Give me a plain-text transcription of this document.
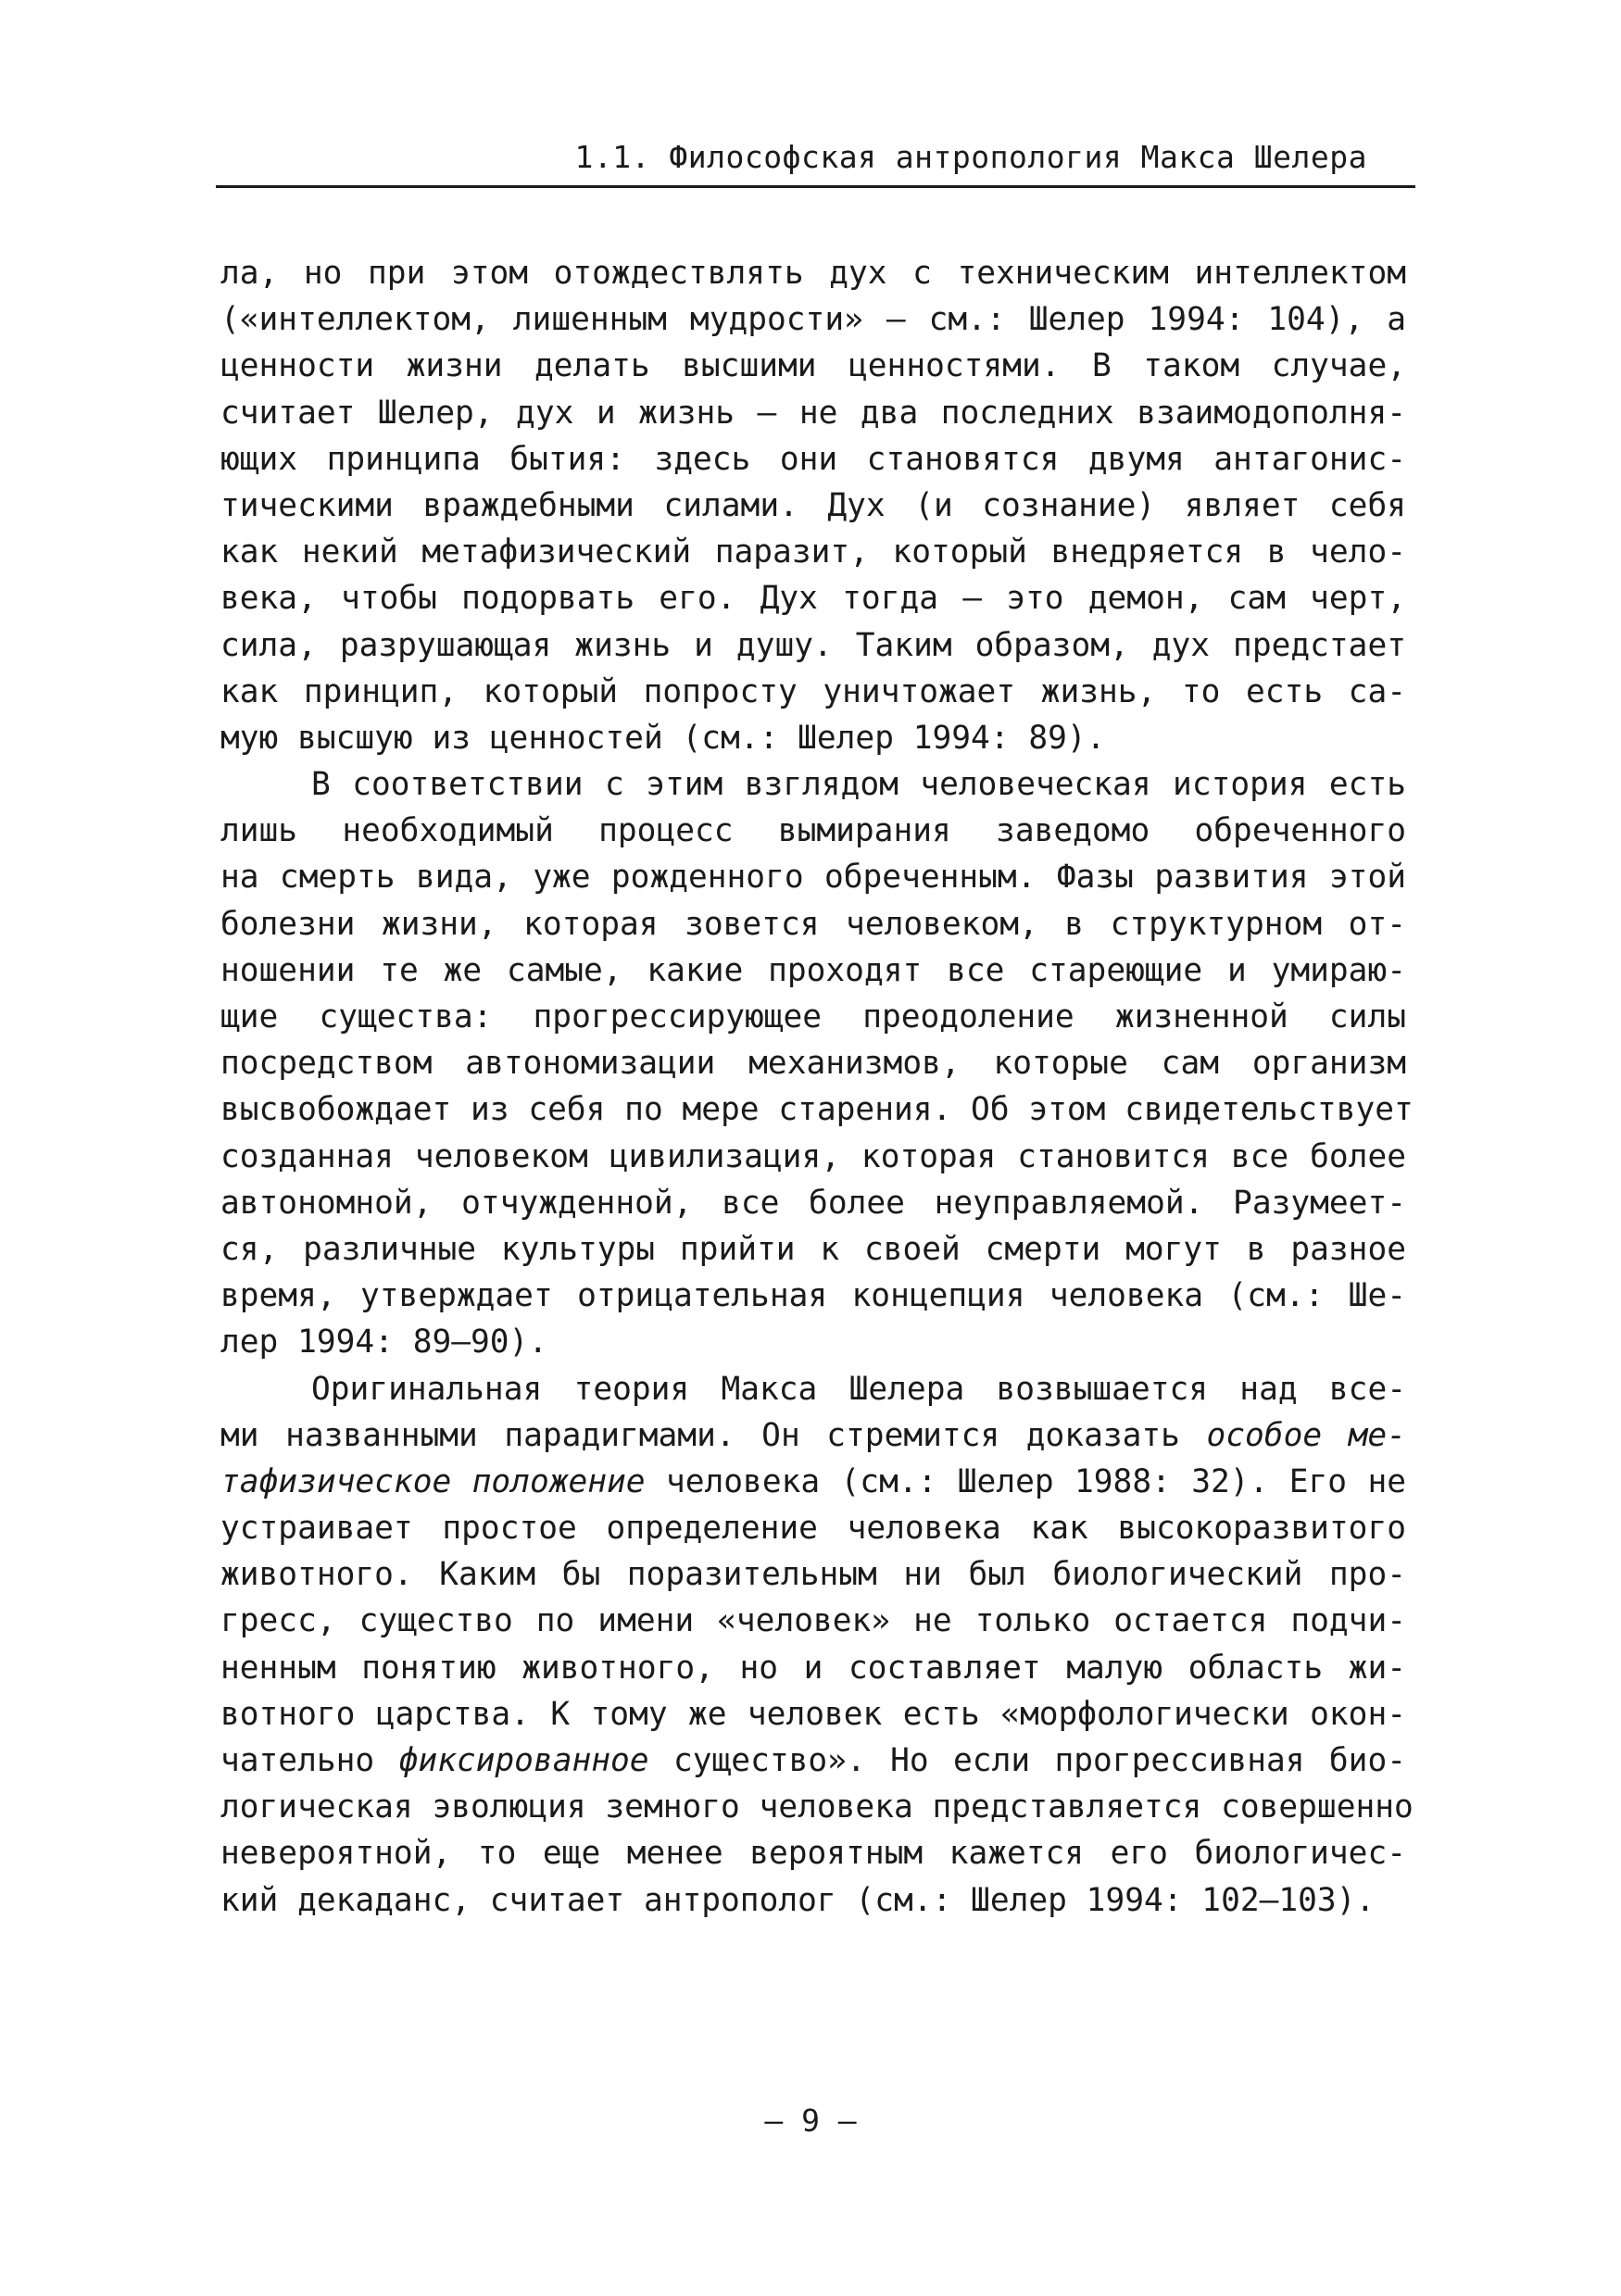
1.1. Философская антропология Макса Шелера
ла, но при этом отождествлять дух с техническим интеллектом
(«интеллектом, лишенным мудрости» — см.: Шелер 1994: 104), а
ценности жизни делать высшими ценностями. В таком случае,
считает Шелер, дух и жизнь — не два последних взаимодополня-
ющих принципа бытия: здесь они становятся двумя антагонис-
тическими враждебными силами. Дух (и сознание) являет себя
как некий метафизический паразит, который внедряется в чело-
века, чтобы подорвать его. Дух тогда — это демон, сам черт,
сила, разрушающая жизнь и душу. Таким образом, дух предстает
как принцип, который попросту уничтожает жизнь, то есть са-
мую высшую из ценностей (см.: Шелер 1994: 89).
В соответствии с этим взглядом человеческая история есть
лишь необходимый процесс вымирания заведомо обреченного
на смерть вида, уже рожденного обреченным. Фазы развития этой
болезни жизни, которая зовется человеком, в структурном от-
ношении те же самые, какие проходят все стареющие и умираю-
щие существа: прогрессирующее преодоление жизненной силы
посредством автономизации механизмов, которые сам организм
высвобождает из себя по мере старения. Об этом свидетельствует
созданная человеком цивилизация, которая становится все более
автономной, отчужденной, все более неуправляемой. Разумеет-
ся, различные культуры прийти к своей смерти могут в разное
время, утверждает отрицательная концепция человека (см.: Ше-
лер 1994: 89—90).
Оригинальная теория Макса Шелера возвышается над все-
ми названными парадигмами. Он стремится доказать особое ме-
тафизическое положение человека (см.: Шелер 1988: 32). Его не
устраивает простое определение человека как высокоразвитого
животного. Каким бы поразительным ни был биологический про-
гресс, существо по имени «человек» не только остается подчи-
ненным понятию животного, но и составляет малую область жи-
вотного царства. К тому же человек есть «морфологически окон-
чательно фиксированное существо». Но если прогрессивная био-
логическая эволюция земного человека представляется совершенно
невероятной, то еще менее вероятным кажется его биологичес-
кий декаданс, считает антрополог (см.: Шелер 1994: 102—103).
– 9 –
